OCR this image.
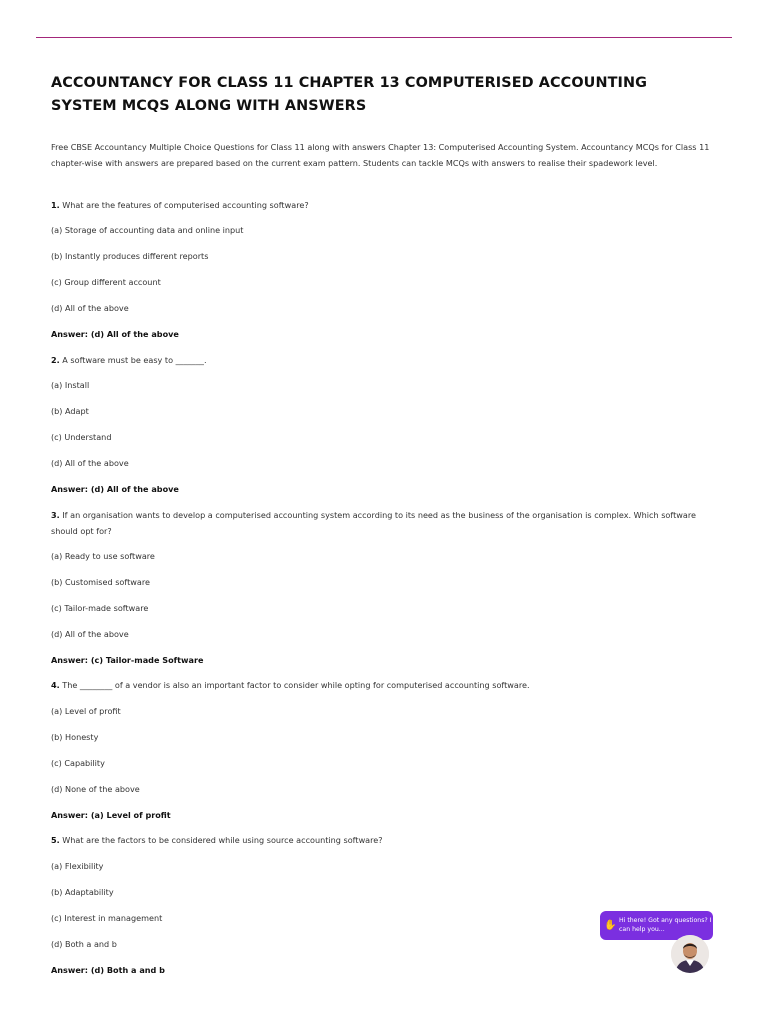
ACCOUNTANCY FOR CLASS 11 CHAPTER 13 COMPUTERISED ACCOUNTING SYSTEM MCQS ALONG WITH ANSWERS

Free CBSE Accountancy Multiple Choice Questions for Class 11 along with answers Chapter 13: Computerised Accounting System. Accountancy MCQs for Class 11 chapter-wise with answers are prepared based on the current exam pattern. Students can tackle MCQs with answers to realise their spadework level.

1. What are the features of computerised accounting software?
(a) Storage of accounting data and online input
(b) Instantly produces different reports
(c) Group different account
(d) All of the above
Answer: (d) All of the above
2. A software must be easy to _______.
(a) Install
(b) Adapt
(c) Understand
(d) All of the above
Answer: (d) All of the above
3. If an organisation wants to develop a computerised accounting system according to its need as the business of the organisation is complex. Which software should opt for?
(a) Ready to use software
(b) Customised software
(c) Tailor-made software
(d) All of the above
Answer: (c) Tailor-made Software
4. The ________ of a vendor is also an important factor to consider while opting for computerised accounting software.
(a) Level of profit
(b) Honesty
(c) Capability
(d) None of the above
Answer: (a) Level of profit
5. What are the factors to be considered while using source accounting software?
(a) Flexibility
(b) Adaptability
(c) Interest in management
(d) Both a and b
Answer: (d) Both a and b
✋ Hi there! Got any questions? I can help you...
